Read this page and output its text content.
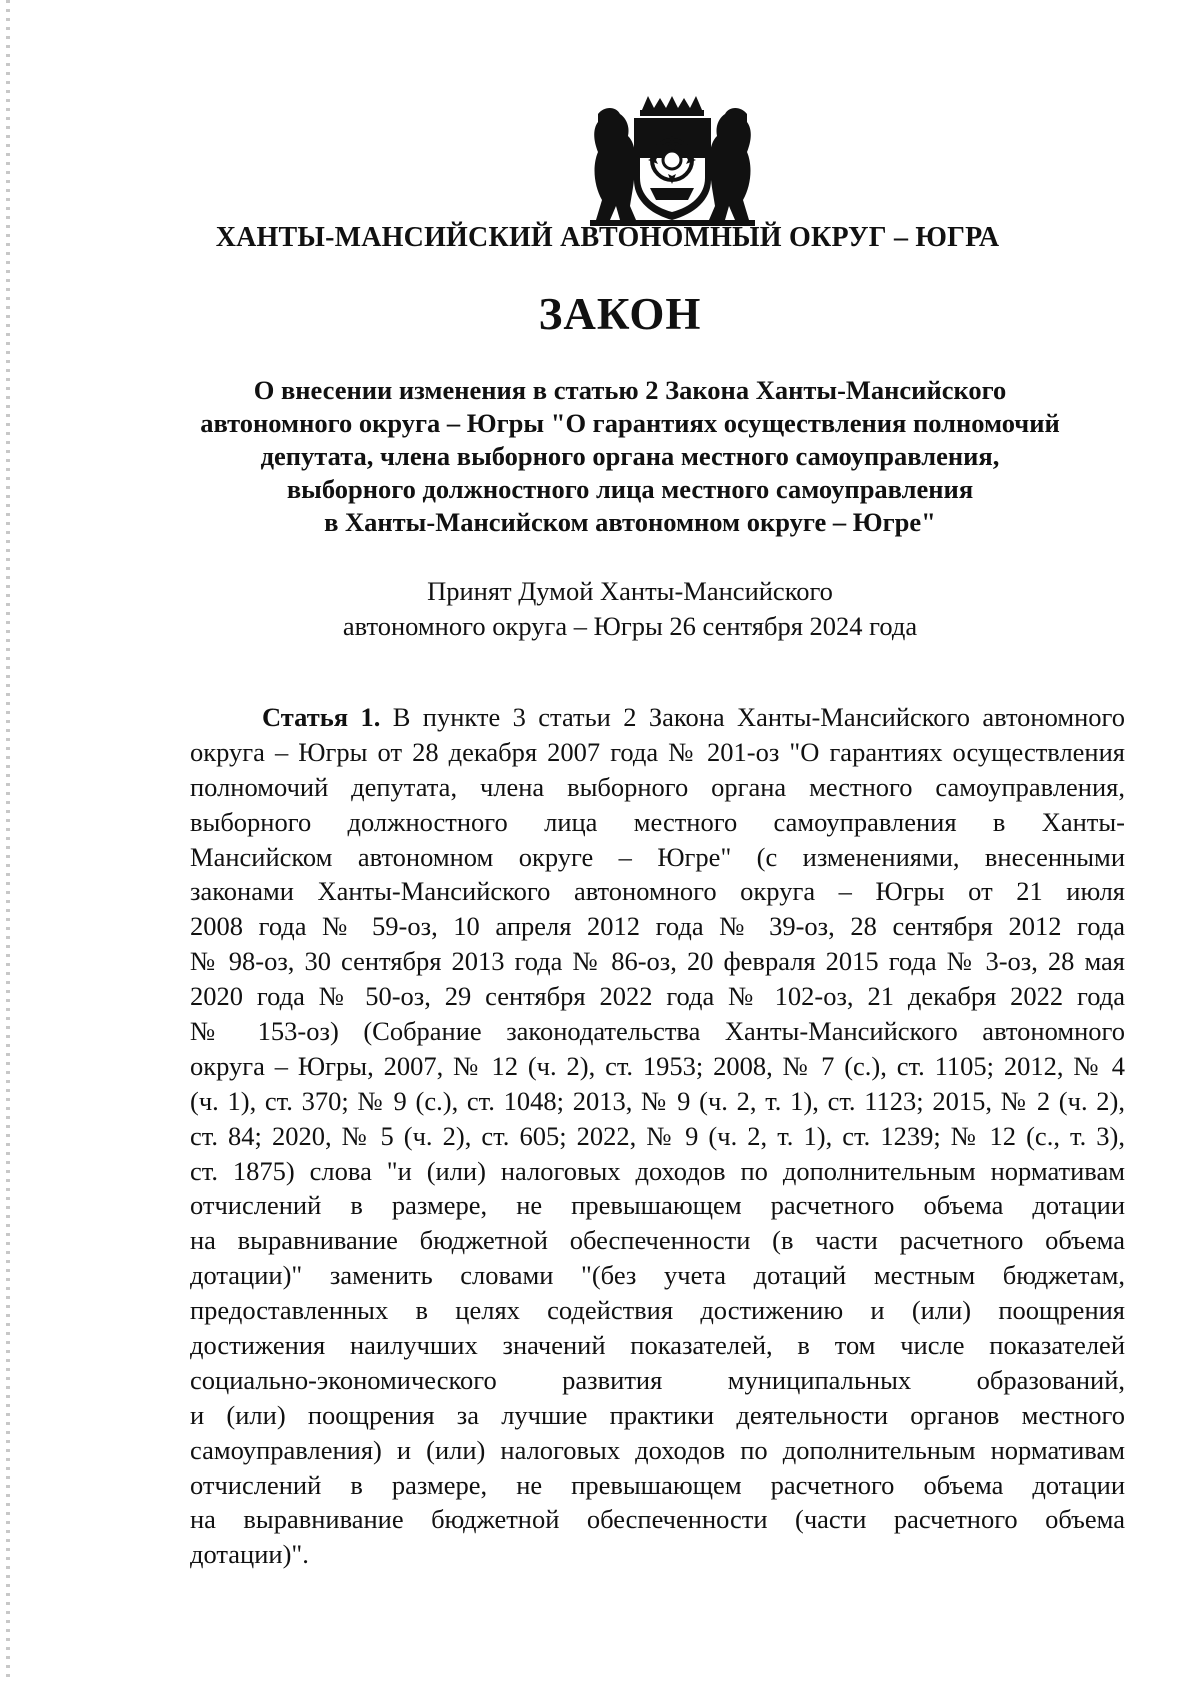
ХАНТЫ-МАНСИЙСКИЙ АВТОНОМНЫЙ ОКРУГ – ЮГРА
ЗАКОН
О внесении изменения в статью 2 Закона Ханты-Мансийского
автономного округа – Югры "О гарантиях осуществления полномочий
депутата, члена выборного органа местного самоуправления,
выборного должностного лица местного самоуправления
в Ханты-Мансийском автономном округе – Югре"
Принят Думой Ханты-Мансийского
автономного округа – Югры 26 сентября 2024 года
Статья 1. В пункте 3 статьи 2 Закона Ханты-Мансийского автономного
округа – Югры от 28 декабря 2007 года № 201-оз "О гарантиях осуществления
полномочий депутата, члена выборного органа местного самоуправления,
выборного должностного лица местного самоуправления в Ханты-
Мансийском автономном округе – Югре" (с изменениями, внесенными
законами Ханты-Мансийского автономного округа – Югры от 21 июля
2008 года № 59-оз, 10 апреля 2012 года № 39-оз, 28 сентября 2012 года
№ 98-оз, 30 сентября 2013 года № 86-оз, 20 февраля 2015 года № 3-оз, 28 мая
2020 года № 50-оз, 29 сентября 2022 года № 102-оз, 21 декабря 2022 года
№ 153-оз) (Собрание законодательства Ханты-Мансийского автономного
округа – Югры, 2007, № 12 (ч. 2), ст. 1953; 2008, № 7 (с.), ст. 1105; 2012, № 4
(ч. 1), ст. 370; № 9 (с.), ст. 1048; 2013, № 9 (ч. 2, т. 1), ст. 1123; 2015, № 2 (ч. 2),
ст. 84; 2020, № 5 (ч. 2), ст. 605; 2022, № 9 (ч. 2, т. 1), ст. 1239; № 12 (с., т. 3),
ст. 1875) слова "и (или) налоговых доходов по дополнительным нормативам
отчислений в размере, не превышающем расчетного объема дотации
на выравнивание бюджетной обеспеченности (в части расчетного объема
дотации)" заменить словами "(без учета дотаций местным бюджетам,
предоставленных в целях содействия достижению и (или) поощрения
достижения наилучших значений показателей, в том числе показателей
социально-экономического развития муниципальных образований,
и (или) поощрения за лучшие практики деятельности органов местного
самоуправления) и (или) налоговых доходов по дополнительным нормативам
отчислений в размере, не превышающем расчетного объема дотации
на выравнивание бюджетной обеспеченности (части расчетного объема
дотации)".
